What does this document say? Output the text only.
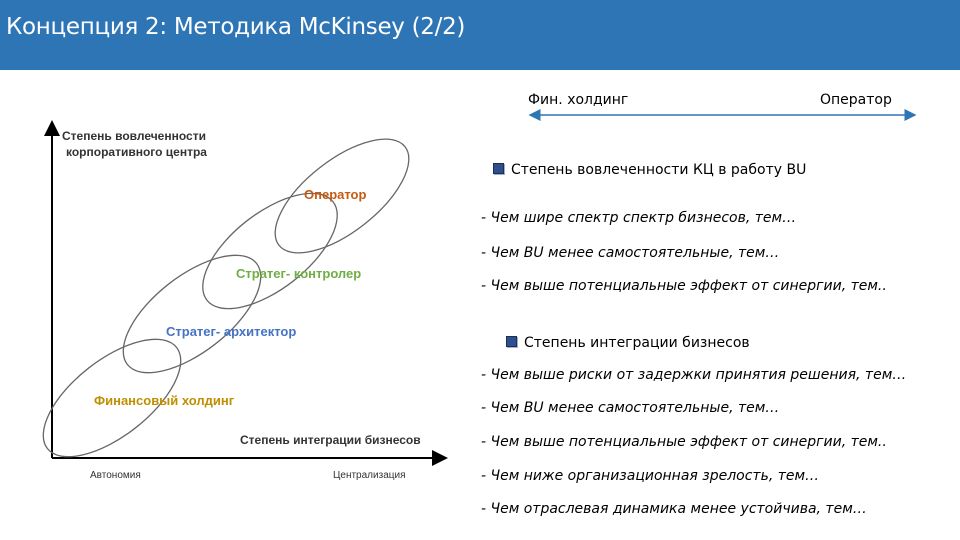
Концепция 2: Методика McKinsey (2/2)
Фин. холдинг	Оператор
Степень вовлеченности
корпоративного центра
Степень интеграции бизнесов
Автономия	Централизация
Оператор
Стратег- контролер
Стратег- архитектор
Финансовый холдинг
Степень вовлеченности КЦ в работу BU
- Чем шире спектр спектр бизнесов, тем…
- Чем BU менее самостоятельные, тем…
- Чем выше потенциальные эффект от синергии, тем..
Степень интеграции бизнесов
- Чем выше риски от задержки принятия решения, тем…
- Чем BU менее самостоятельные, тем…
- Чем выше потенциальные эффект от синергии, тем..
- Чем ниже организационная зрелость, тем…
- Чем отраслевая динамика менее устойчива, тем…
